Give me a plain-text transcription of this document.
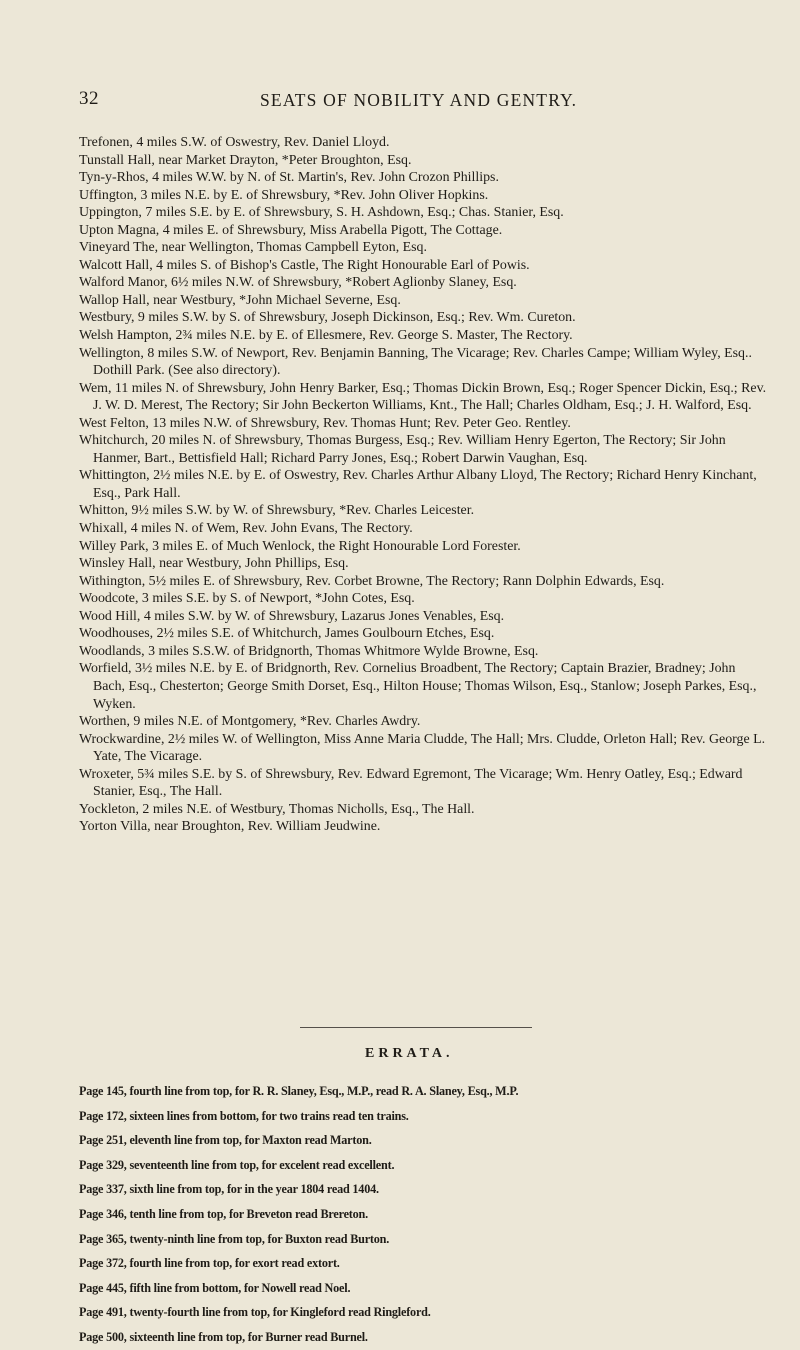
32	SEATS OF NOBILITY AND GENTRY.

Trefonen, 4 miles S.W. of Oswestry, Rev. Daniel Lloyd.

Tunstall Hall, near Market Drayton, *Peter Broughton, Esq.

Tyn-y-Rhos, 4 miles W.W. by N. of St. Martin's, Rev. John Crozon Phillips.

Uffington, 3 miles N.E. by E. of Shrewsbury, *Rev. John Oliver Hopkins.

Uppington, 7 miles S.E. by E. of Shrewsbury, S. H. Ashdown, Esq.; Chas. Stanier, Esq.

Upton Magna, 4 miles E. of Shrewsbury, Miss Arabella Pigott, The Cottage.

Vineyard The, near Wellington, Thomas Campbell Eyton, Esq.

Walcott Hall, 4 miles S. of Bishop's Castle, The Right Honourable Earl of Powis.

Walford Manor, 6½ miles N.W. of Shrewsbury, *Robert Aglionby Slaney, Esq.

Wallop Hall, near Westbury, *John Michael Severne, Esq.

Westbury, 9 miles S.W. by S. of Shrewsbury, Joseph Dickinson, Esq.; Rev. Wm. Cureton.

Welsh Hampton, 2¾ miles N.E. by E. of Ellesmere, Rev. George S. Master, The Rectory.

Wellington, 8 miles S.W. of Newport, Rev. Benjamin Banning, The Vicarage; Rev. Charles Campe; William Wyley, Esq.. Dothill Park. (See also directory).

Wem, 11 miles N. of Shrewsbury, John Henry Barker, Esq.; Thomas Dickin Brown, Esq.; Roger Spencer Dickin, Esq.; Rev. J. W. D. Merest, The Rectory; Sir John Beckerton Williams, Knt., The Hall; Charles Oldham, Esq.; J. H. Walford, Esq.

West Felton, 13 miles N.W. of Shrewsbury, Rev. Thomas Hunt; Rev. Peter Geo. Rentley.

Whitchurch, 20 miles N. of Shrewsbury, Thomas Burgess, Esq.; Rev. William Henry Egerton, The Rectory; Sir John Hanmer, Bart., Bettisfield Hall; Richard Parry Jones, Esq.; Robert Darwin Vaughan, Esq.

Whittington, 2½ miles N.E. by E. of Oswestry, Rev. Charles Arthur Albany Lloyd, The Rectory; Richard Henry Kinchant, Esq., Park Hall.

Whitton, 9½ miles S.W. by W. of Shrewsbury, *Rev. Charles Leicester.

Whixall, 4 miles N. of Wem, Rev. John Evans, The Rectory.

Willey Park, 3 miles E. of Much Wenlock, the Right Honourable Lord Forester.

Winsley Hall, near Westbury, John Phillips, Esq.

Withington, 5½ miles E. of Shrewsbury, Rev. Corbet Browne, The Rectory; Rann Dolphin Edwards, Esq.

Woodcote, 3 miles S.E. by S. of Newport, *John Cotes, Esq.

Wood Hill, 4 miles S.W. by W. of Shrewsbury, Lazarus Jones Venables, Esq.

Woodhouses, 2½ miles S.E. of Whitchurch, James Goulbourn Etches, Esq.

Woodlands, 3 miles S.S.W. of Bridgnorth, Thomas Whitmore Wylde Browne, Esq.

Worfield, 3½ miles N.E. by E. of Bridgnorth, Rev. Cornelius Broadbent, The Rectory; Captain Brazier, Bradney; John Bach, Esq., Chesterton; George Smith Dorset, Esq., Hilton House; Thomas Wilson, Esq., Stanlow; Joseph Parkes, Esq., Wyken.

Worthen, 9 miles N.E. of Montgomery, *Rev. Charles Awdry.

Wrockwardine, 2½ miles W. of Wellington, Miss Anne Maria Cludde, The Hall; Mrs. Cludde, Orleton Hall; Rev. George L. Yate, The Vicarage.

Wroxeter, 5¾ miles S.E. by S. of Shrewsbury, Rev. Edward Egremont, The Vicarage; Wm. Henry Oatley, Esq.; Edward Stanier, Esq., The Hall.

Yockleton, 2 miles N.E. of Westbury, Thomas Nicholls, Esq., The Hall.

Yorton Villa, near Broughton, Rev. William Jeudwine.

ERRATA.

Page 145, fourth line from top, for R. R. Slaney, Esq., M.P., read R. A. Slaney, Esq., M.P.

Page 172, sixteen lines from bottom, for two trains read ten trains.

Page 251, eleventh line from top, for Maxton read Marton.

Page 329, seventeenth line from top, for excelent read excellent.

Page 337, sixth line from top, for in the year 1804 read 1404.

Page 346, tenth line from top, for Breveton read Brereton.

Page 365, twenty-ninth line from top, for Buxton read Burton.

Page 372, fourth line from top, for exort read extort.

Page 445, fifth line from bottom, for Nowell read Noel.

Page 491, twenty-fourth line from top, for Kingleford read Ringleford.

Page 500, sixteenth line from top, for Burner read Burnel.
